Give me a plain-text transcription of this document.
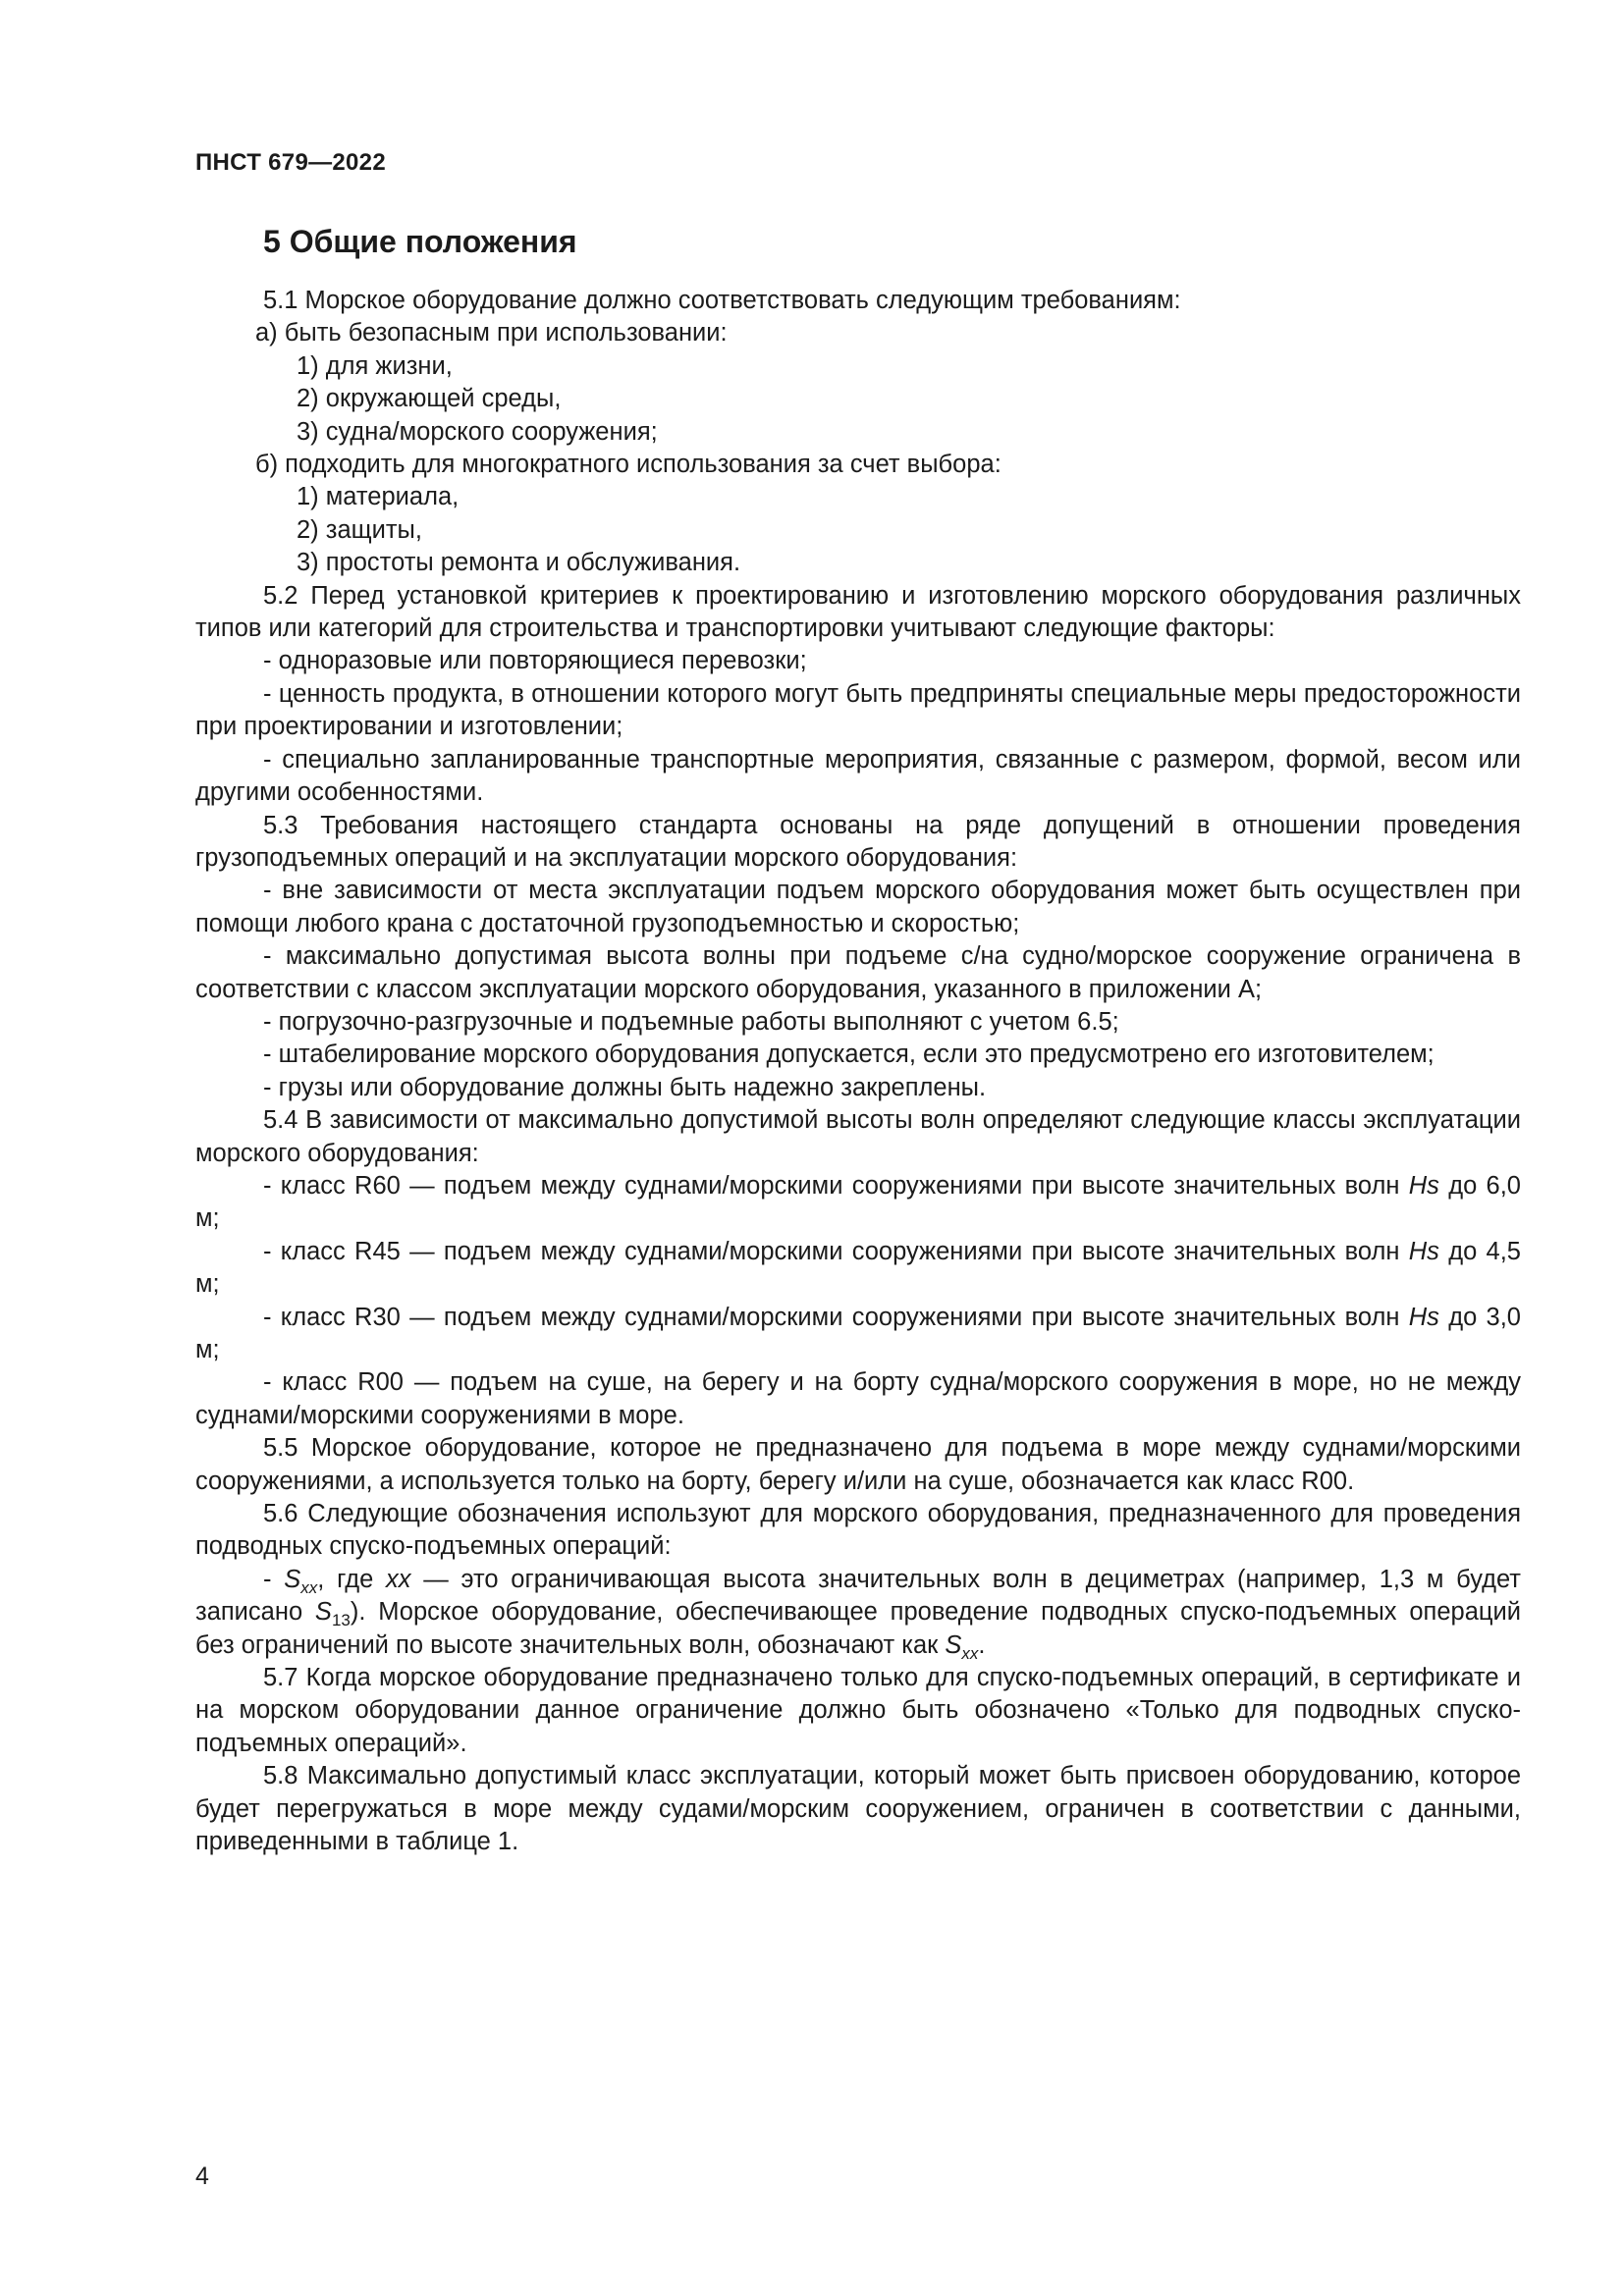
ПНСТ 679—2022
5 Общие положения

5.1 Морское оборудование должно соответствовать следующим требованиям:

а) быть безопасным при использовании:

1) для жизни,

2) окружающей среды,

3) судна/морского сооружения;

б) подходить для многократного использования за счет выбора:

1) материала,

2) защиты,

3) простоты ремонта и обслуживания.

5.2 Перед установкой критериев к проектированию и изготовлению морского оборудования различных типов или категорий для строительства и транспортировки учитывают следующие факторы:

- одноразовые или повторяющиеся перевозки;

- ценность продукта, в отношении которого могут быть предприняты специальные меры предосторожности при проектировании и изготовлении;

- специально запланированные транспортные мероприятия, связанные с размером, формой, весом или другими особенностями.

5.3 Требования настоящего стандарта основаны на ряде допущений в отношении проведения грузоподъемных операций и на эксплуатации морского оборудования:

- вне зависимости от места эксплуатации подъем морского оборудования может быть осуществлен при помощи любого крана с достаточной грузоподъемностью и скоростью;

- максимально допустимая высота волны при подъеме с/на судно/морское сооружение ограничена в соответствии с классом эксплуатации морского оборудования, указанного в приложении А;

- погрузочно-разгрузочные и подъемные работы выполняют с учетом 6.5;

- штабелирование морского оборудования допускается, если это предусмотрено его изготовителем;

- грузы или оборудование должны быть надежно закреплены.

5.4 В зависимости от максимально допустимой высоты волн определяют следующие классы эксплуатации морского оборудования:

- класс R60 — подъем между суднами/морскими сооружениями при высоте значительных волн Hs до 6,0 м;

- класс R45 — подъем между суднами/морскими сооружениями при высоте значительных волн Hs до 4,5 м;

- класс R30 — подъем между суднами/морскими сооружениями при высоте значительных волн Hs до 3,0 м;

- класс R00 — подъем на суше, на берегу и на борту судна/морского сооружения в море, но не между суднами/морскими сооружениями в море.

5.5 Морское оборудование, которое не предназначено для подъема в море между суднами/морскими сооружениями, а используется только на борту, берегу и/или на суше, обозначается как класс R00.

5.6 Следующие обозначения используют для морского оборудования, предназначенного для проведения подводных спуско-подъемных операций:

- $S_{xx}$, где xx — это ограничивающая высота значительных волн в дециметрах (например, 1,3 м будет записано $S_{13}$). Морское оборудование, обеспечивающее проведение подводных спуско-подъемных операций без ограничений по высоте значительных волн, обозначают как $S_{xx}$.

5.7 Когда морское оборудование предназначено только для спуско-подъемных операций, в сертификате и на морском оборудовании данное ограничение должно быть обозначено «Только для подводных спуско-подъемных операций».

5.8 Максимально допустимый класс эксплуатации, который может быть присвоен оборудованию, которое будет перегружаться в море между судами/морским сооружением, ограничен в соответствии с данными, приведенными в таблице 1.

4
